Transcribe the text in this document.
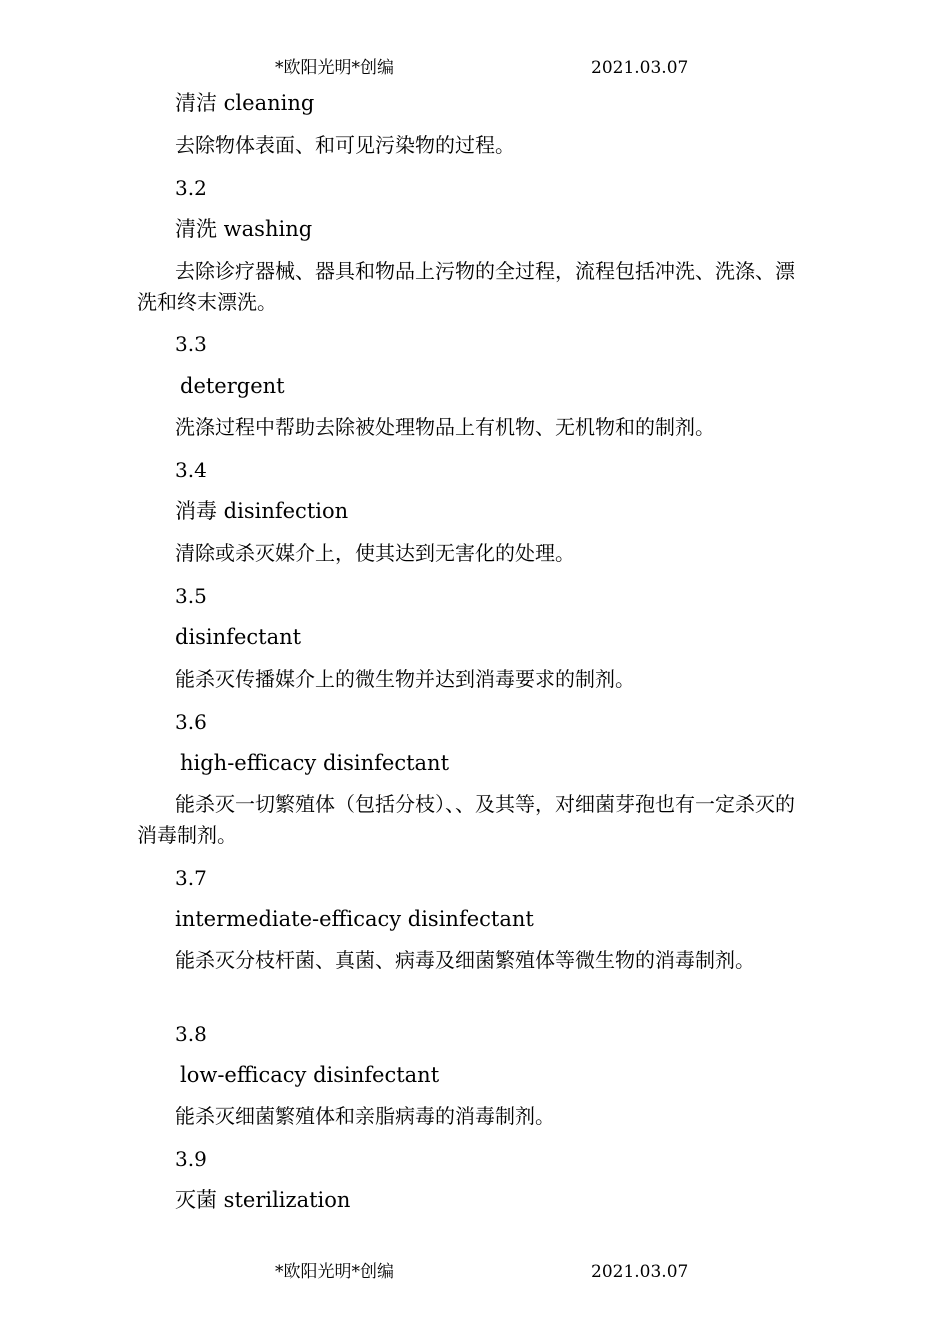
*欧阳光明*创编	2021.03.07
清洁 cleaning
去除物体表面、和可见污染物的过程。
3.2
清洗 washing
去除诊疗器械、器具和物品上污物的全过程，流程包括冲洗、洗涤、漂洗和终末漂洗。
3.3
detergent
洗涤过程中帮助去除被处理物品上有机物、无机物和的制剂。
3.4
消毒 disinfection
清除或杀灭媒介上，使其达到无害化的处理。
3.5
disinfectant
能杀灭传播媒介上的微生物并达到消毒要求的制剂。
3.6
high-efficacy disinfectant
能杀灭一切繁殖体（包括分枝）、、及其等，对细菌芽孢也有一定杀灭的消毒制剂。
3.7
intermediate-efficacy disinfectant
能杀灭分枝杆菌、真菌、病毒及细菌繁殖体等微生物的消毒制剂。
3.8
low-efficacy disinfectant
能杀灭细菌繁殖体和亲脂病毒的消毒制剂。
3.9
灭菌 sterilization
*欧阳光明*创编	2021.03.07
